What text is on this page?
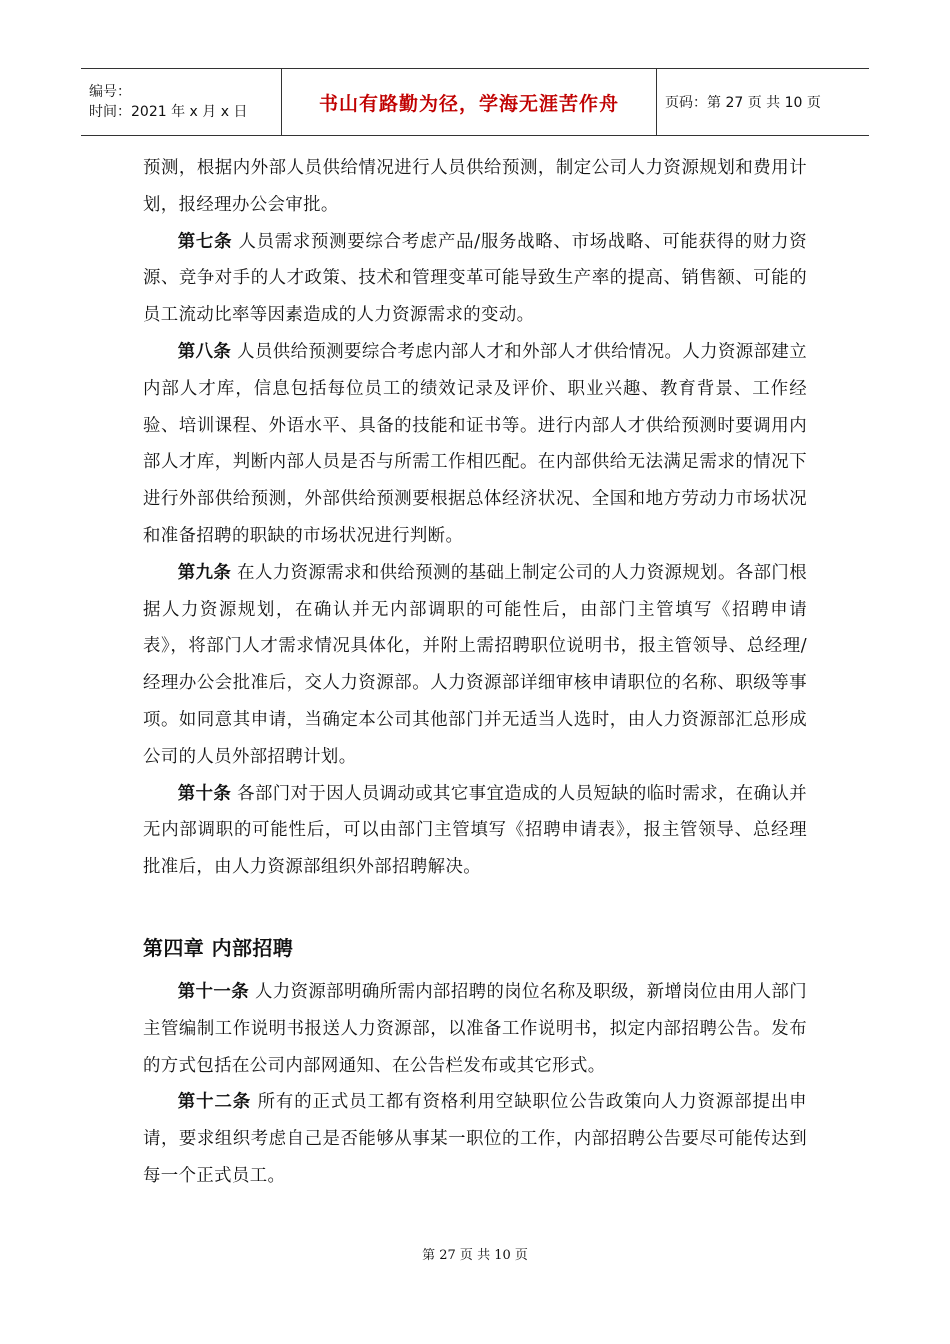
编号：
时间：2021 年 x 月 x 日	书山有路勤为径，学海无涯苦作舟	页码：第 27 页 共 10 页

预测，根据内外部人员供给情况进行人员供给预测，制定公司人力资源规划和费用计划，报经理办公会审批。

第七条 人员需求预测要综合考虑产品/服务战略、市场战略、可能获得的财力资源、竞争对手的人才政策、技术和管理变革可能导致生产率的提高、销售额、可能的员工流动比率等因素造成的人力资源需求的变动。

第八条 人员供给预测要综合考虑内部人才和外部人才供给情况。人力资源部建立内部人才库，信息包括每位员工的绩效记录及评价、职业兴趣、教育背景、工作经验、培训课程、外语水平、具备的技能和证书等。进行内部人才供给预测时要调用内部人才库，判断内部人员是否与所需工作相匹配。在内部供给无法满足需求的情况下进行外部供给预测，外部供给预测要根据总体经济状况、全国和地方劳动力市场状况和准备招聘的职缺的市场状况进行判断。

第九条 在人力资源需求和供给预测的基础上制定公司的人力资源规划。各部门根据人力资源规划，在确认并无内部调职的可能性后，由部门主管填写《招聘申请表》，将部门人才需求情况具体化，并附上需招聘职位说明书，报主管领导、总经理/经理办公会批准后，交人力资源部。人力资源部详细审核申请职位的名称、职级等事项。如同意其申请，当确定本公司其他部门并无适当人选时，由人力资源部汇总形成公司的人员外部招聘计划。

第十条 各部门对于因人员调动或其它事宜造成的人员短缺的临时需求，在确认并无内部调职的可能性后，可以由部门主管填写《招聘申请表》，报主管领导、总经理批准后，由人力资源部组织外部招聘解决。

第四章 内部招聘

第十一条 人力资源部明确所需内部招聘的岗位名称及职级，新增岗位由用人部门主管编制工作说明书报送人力资源部，以准备工作说明书，拟定内部招聘公告。发布的方式包括在公司内部网通知、在公告栏发布或其它形式。

第十二条 所有的正式员工都有资格利用空缺职位公告政策向人力资源部提出申请，要求组织考虑自己是否能够从事某一职位的工作，内部招聘公告要尽可能传达到每一个正式员工。

第 27 页 共 10 页
